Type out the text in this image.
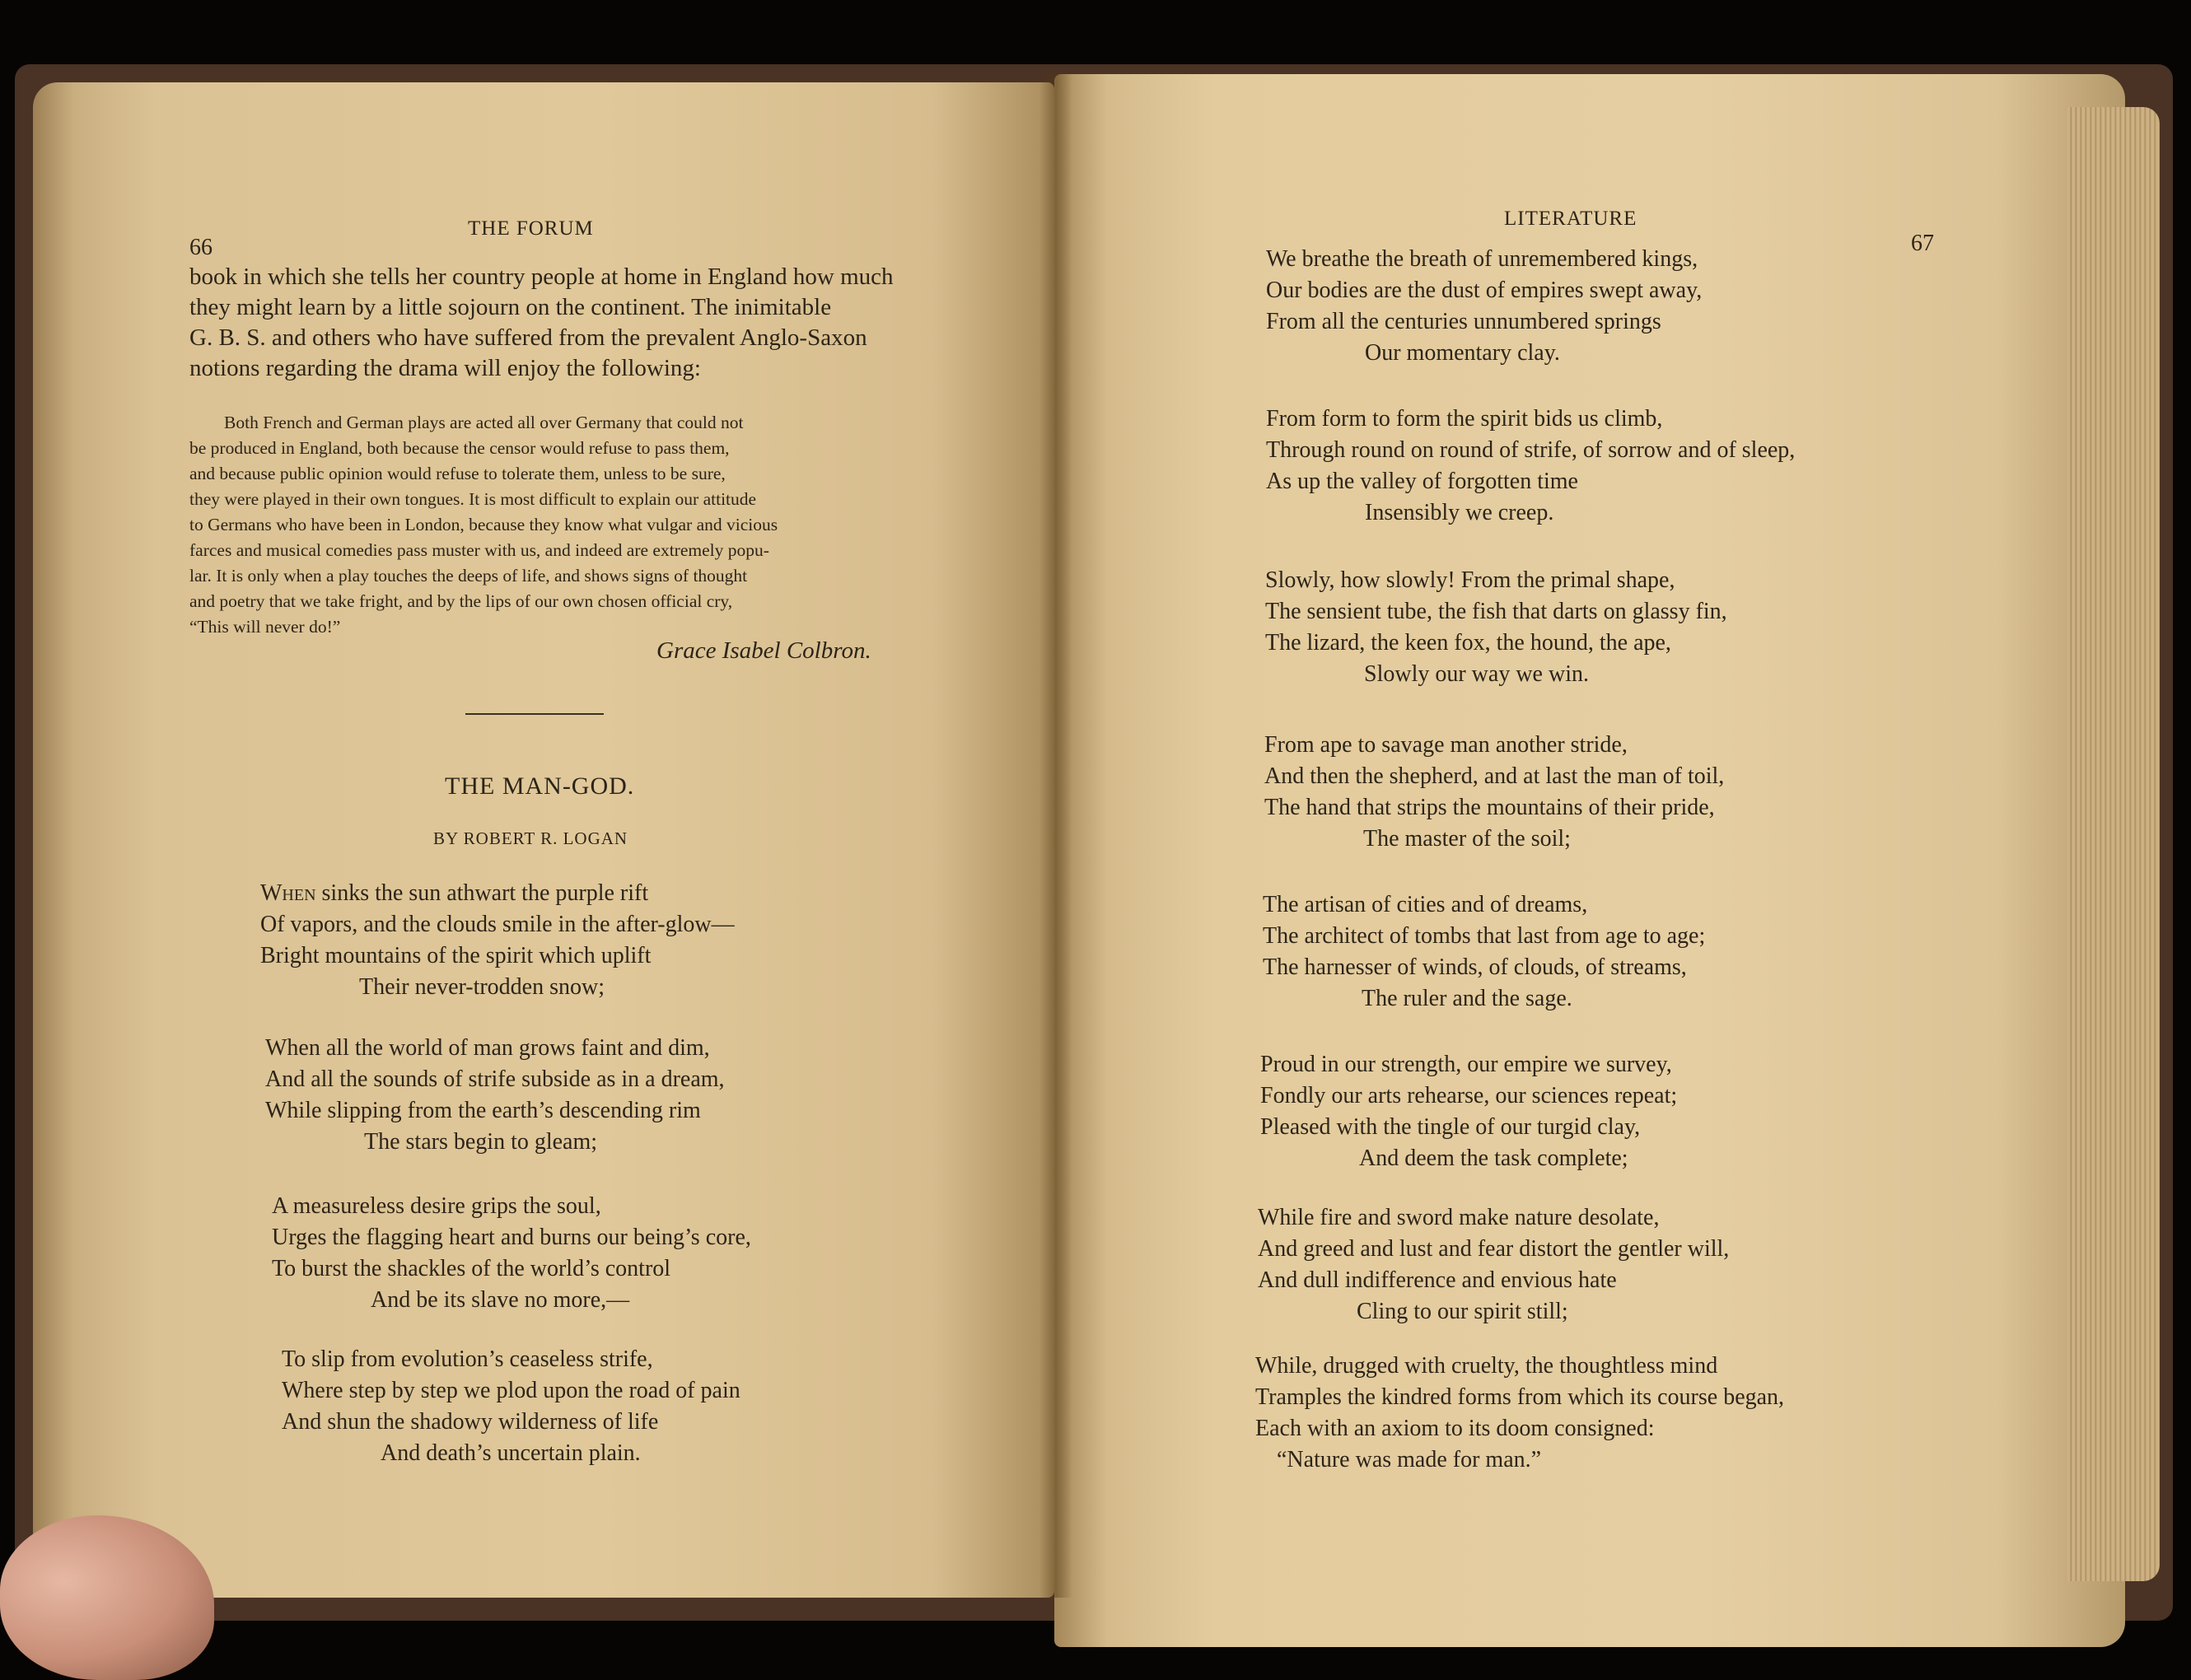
66
THE FORUM
book in which she tells her country people at home in England how much
they might learn by a little sojourn on the continent. The inimitable
G. B. S. and others who have suffered from the prevalent Anglo-Saxon
notions regarding the drama will enjoy the following:
Both French and German plays are acted all over Germany that could not
be produced in England, both because the censor would refuse to pass them,
and because public opinion would refuse to tolerate them, unless to be sure,
they were played in their own tongues. It is most difficult to explain our attitude
to Germans who have been in London, because they know what vulgar and vicious
farces and musical comedies pass muster with us, and indeed are extremely popu-
lar. It is only when a play touches the deeps of life, and shows signs of thought
and poetry that we take fright, and by the lips of our own chosen official cry,
“This will never do!”
Grace Isabel Colbron.
THE MAN-GOD.
BY ROBERT R. LOGAN
When sinks the sun athwart the purple rift
Of vapors, and the clouds smile in the after-glow—
Bright mountains of the spirit which uplift
Their never-trodden snow;
When all the world of man grows faint and dim,
And all the sounds of strife subside as in a dream,
While slipping from the earth’s descending rim
The stars begin to gleam;
A measureless desire grips the soul,
Urges the flagging heart and burns our being’s core,
To burst the shackles of the world’s control
And be its slave no more,—
To slip from evolution’s ceaseless strife,
Where step by step we plod upon the road of pain
And shun the shadowy wilderness of life
And death’s uncertain plain.
LITERATURE
67
We breathe the breath of unremembered kings,
Our bodies are the dust of empires swept away,
From all the centuries unnumbered springs
Our momentary clay.
From form to form the spirit bids us climb,
Through round on round of strife, of sorrow and of sleep,
As up the valley of forgotten time
Insensibly we creep.
Slowly, how slowly! From the primal shape,
The sensient tube, the fish that darts on glassy fin,
The lizard, the keen fox, the hound, the ape,
Slowly our way we win.
From ape to savage man another stride,
And then the shepherd, and at last the man of toil,
The hand that strips the mountains of their pride,
The master of the soil;
The artisan of cities and of dreams,
The architect of tombs that last from age to age;
The harnesser of winds, of clouds, of streams,
The ruler and the sage.
Proud in our strength, our empire we survey,
Fondly our arts rehearse, our sciences repeat;
Pleased with the tingle of our turgid clay,
And deem the task complete;
While fire and sword make nature desolate,
And greed and lust and fear distort the gentler will,
And dull indifference and envious hate
Cling to our spirit still;
While, drugged with cruelty, the thoughtless mind
Tramples the kindred forms from which its course began,
Each with an axiom to its doom consigned:
“Nature was made for man.”
